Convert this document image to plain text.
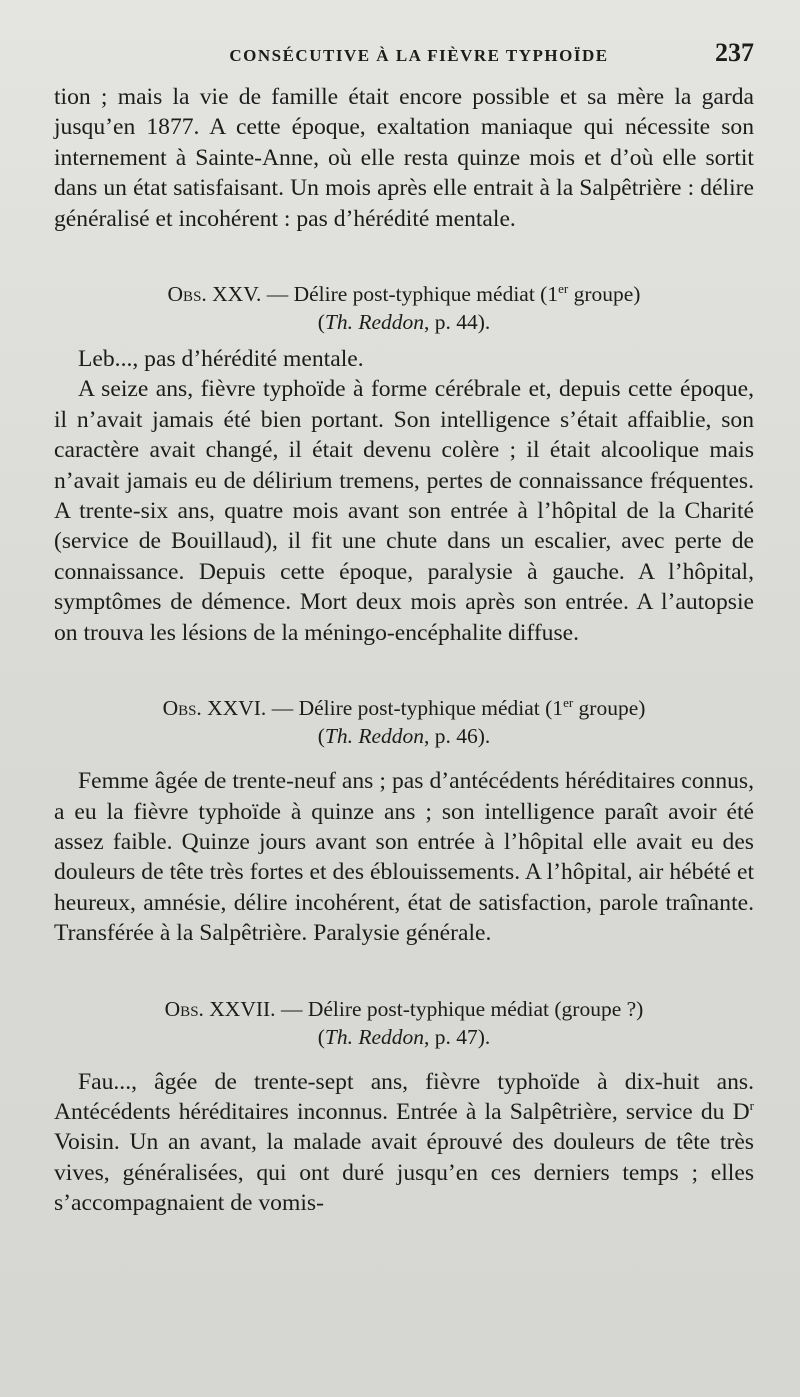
CONSÉCUTIVE À LA FIÈVRE TYPHOÏDE	237

tion ; mais la vie de famille était encore possible et sa mère la garda jusqu’en 1877. A cette époque, exaltation maniaque qui nécessite son internement à Sainte-Anne, où elle resta quinze mois et d’où elle sortit dans un état satisfaisant. Un mois après elle entrait à la Salpêtrière : délire généralisé et incohérent : pas d’hérédité mentale.

Obs. XXV. — Délire post-typhique médiat (1er groupe)
(Th. Reddon, p. 44).

Leb..., pas d’hérédité mentale.

A seize ans, fièvre typhoïde à forme cérébrale et, depuis cette époque, il n’avait jamais été bien portant. Son intelligence s’était affaiblie, son caractère avait changé, il était devenu colère ; il était alcoolique mais n’avait jamais eu de délirium tremens, pertes de connaissance fréquentes. A trente-six ans, quatre mois avant son entrée à l’hôpital de la Charité (service de Bouillaud), il fit une chute dans un escalier, avec perte de connaissance. Depuis cette époque, paralysie à gauche. A l’hôpital, symptômes de démence. Mort deux mois après son entrée. A l’autopsie on trouva les lésions de la méningo-encéphalite diffuse.

Obs. XXVI. — Délire post-typhique médiat (1er groupe)
(Th. Reddon, p. 46).

Femme âgée de trente-neuf ans ; pas d’antécédents héréditaires connus, a eu la fièvre typhoïde à quinze ans ; son intelligence paraît avoir été assez faible. Quinze jours avant son entrée à l’hôpital elle avait eu des douleurs de tête très fortes et des éblouissements. A l’hôpital, air hébété et heureux, amnésie, délire incohérent, état de satisfaction, parole traînante. Transférée à la Salpêtrière. Paralysie générale.

Obs. XXVII. — Délire post-typhique médiat (groupe ?)
(Th. Reddon, p. 47).

Fau..., âgée de trente-sept ans, fièvre typhoïde à dix-huit ans. Antécédents héréditaires inconnus. Entrée à la Salpêtrière, service du $D^r$ Voisin. Un an avant, la malade avait éprouvé des douleurs de tête très vives, généralisées, qui ont duré jusqu’en ces derniers temps ; elles s’accompagnaient de vomis-
